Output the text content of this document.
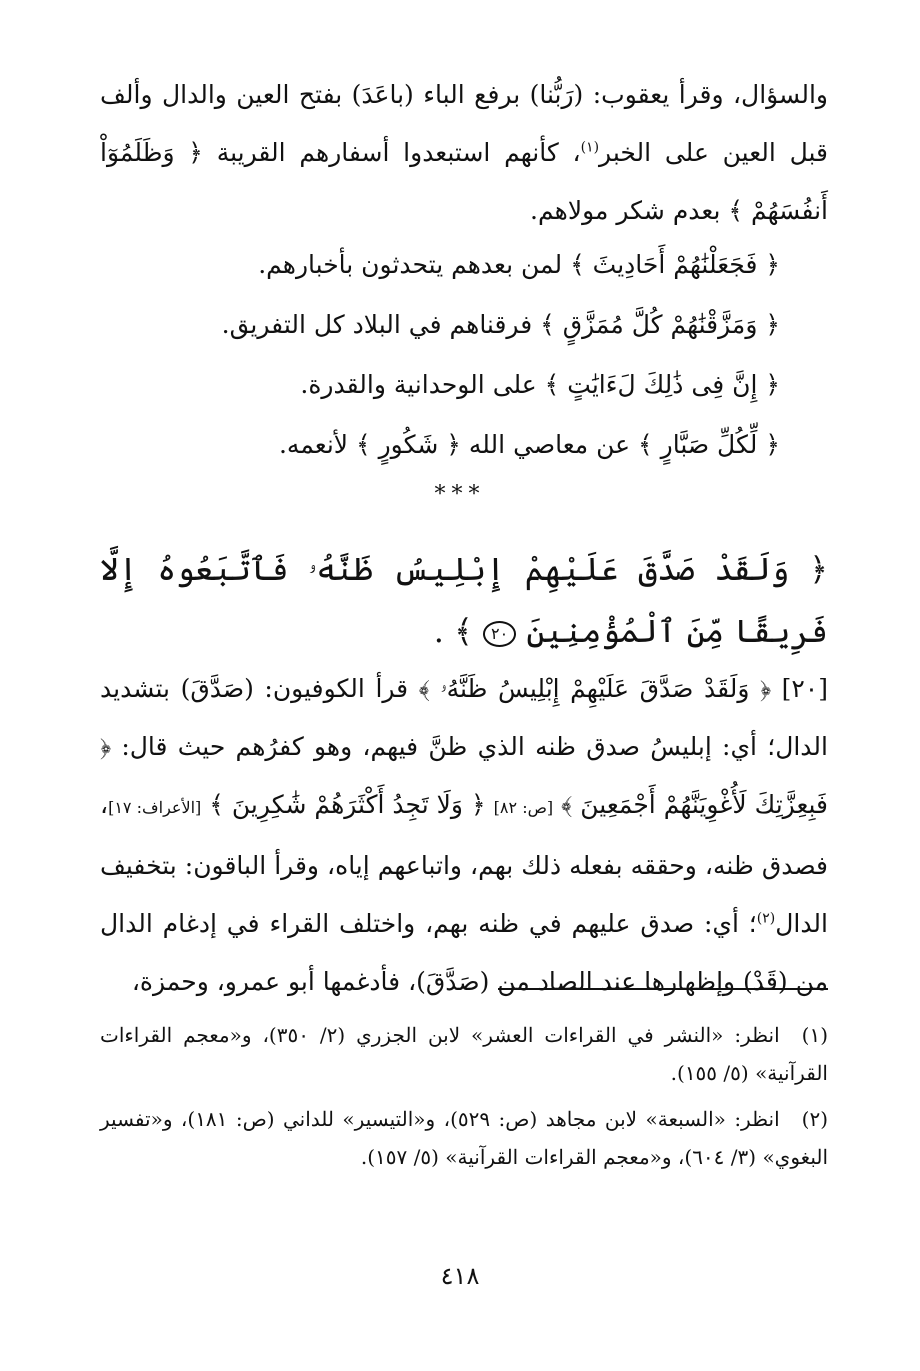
والسؤال، وقرأ يعقوب: (رَبُّنا) برفع الباء (باعَدَ) بفتح العين والدال وألف قبل العين على الخبر$^{(١)}$، كأنهم استبعدوا أسفارهم القريبة ﴿ وَظَلَمُوٓاْ أَنفُسَهُمْ ﴾ بعدم شكر مولاهم.
﴿ فَجَعَلْنَٰهُمْ أَحَادِيثَ ﴾ لمن بعدهم يتحدثون بأخبارهم.
﴿ وَمَزَّقْنَٰهُمْ كُلَّ مُمَزَّقٍ ﴾ فرقناهم في البلاد كل التفريق.
﴿ إِنَّ فِى ذَٰلِكَ لَءَايَٰتٍ ﴾ على الوحدانية والقدرة.
﴿ لِّكُلِّ صَبَّارٍ ﴾ عن معاصي الله ﴿ شَكُورٍ ﴾ لأنعمه.
***
﴿ وَلَقَدْ صَدَّقَ عَلَيْهِمْ إِبْلِيسُ ظَنَّهُۥ فَٱتَّبَعُوهُ إِلَّا فَرِيقًا مِّنَ ٱلْمُؤْمِنِينَ ٢٠ ﴾ .
[٢٠] ﴿ وَلَقَدْ صَدَّقَ عَلَيْهِمْ إِبْلِيسُ ظَنَّهُۥ ﴾ قرأ الكوفيون: (صَدَّقَ) بتشديد الدال؛ أي: إبليسُ صدق ظنه الذي ظنَّ فيهم، وهو كفرُهم حيث قال: ﴿ فَبِعِزَّتِكَ لَأُغْوِيَنَّهُمْ أَجْمَعِينَ ﴾ [ص: ٨٢] ﴿ وَلَا تَجِدُ أَكْثَرَهُمْ شَٰكِرِينَ ﴾ [الأعراف: ١٧]، فصدق ظنه، وحققه بفعله ذلك بهم، واتباعهم إياه، وقرأ الباقون: بتخفيف الدال$^{(٢)}$؛ أي: صدق عليهم في ظنه بهم، واختلف القراء في إدغام الدال من (قَدْ) وإظهارها عند الصاد من (صَدَّقَ)، فأدغمها أبو عمرو، وحمزة،
(١)انظر: «النشر في القراءات العشر» لابن الجزري (٢/ ٣٥٠)، و«معجم القراءات القرآنية» (٥/ ١٥٥).
(٢)انظر: «السبعة» لابن مجاهد (ص: ٥٢٩)، و«التيسير» للداني (ص: ١٨١)، و«تفسير البغوي» (٣/ ٦٠٤)، و«معجم القراءات القرآنية» (٥/ ١٥٧).
٤١٨
